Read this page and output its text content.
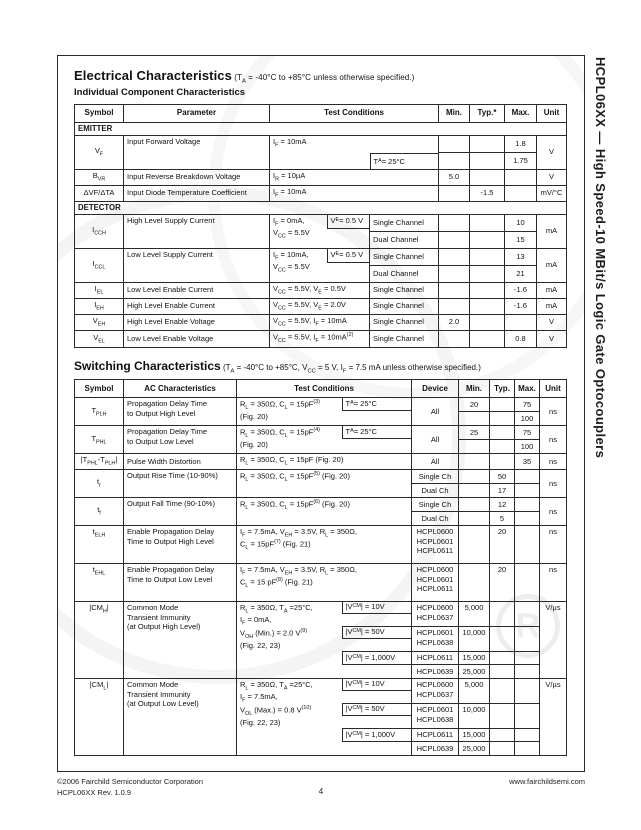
R
Electrical Characteristics ($T_A = -40^\circ C$ to +85°C unless otherwise specified.)
Individual Component Characteristics
Symbol	Parameter	Test Conditions			Min.	Typ.*	Max.	Unit
EMITTER								
$V_F$	Input Forward Voltage	$I_F = 10mA$		T A = 25°C			1.8	V
							1.75	
$B_{VR}$	Input Reverse Breakdown Voltage	$I_R = 10\mu A$			5.0			V
ΔVF/ΔTA	Input Diode Temperature Coefficient	$I_F = 10mA$				-1.5		mV/°C
DETECTOR								
$I_{CCH}$	High Level Supply Current	$I_F = 0mA$,
$V_{CC} = 5.5V$	V E = 0.5 V	Single Channel			10	mA
				Dual Channel			15	
$I_{CCL}$	Low Level Supply Current	$I_F = 10mA$,
$V_{CC} = 5.5V$	V E = 0.5 V	Single Channel			13	mA
				Dual Channel			21	
$I_{EL}$	Low Level Enable Current	$V_{CC} = 5.5V$, $V_E = 0.5V$		Single Channel			-1.6	mA
$I_{EH}$	High Level Enable Current	$V_{CC} = 5.5V$, $V_E = 2.0V$		Single Channel			-1.6	mA
$V_{EH}$	High Level Enable Voltage	$V_{CC} = 5.5V$, $I_F = 10mA$		Single Channel	2.0			V
$V_{EL}$	Low Level Enable Voltage	$V_{CC} = 5.5V$, $I_F = 10mA^{(2)}$		Single Channel			0.8	V
Switching Characteristics ($T_A = -40^\circ C$ to +85°C, $V_{CC} = 5$ V, $I_F = 7.5$ mA unless otherwise specified.)
Symbol	AC Characteristics	Test Conditions		Device	Min.	Typ.	Max.	Unit
$T_{PLH}$	Propagation Delay Time
to Output High Level	$R_L = 350\Omega$, $C_L = 15pF^{(3)}$
(Fig. 20)	T A = 25°C	All	20		75	ns
							100	
$T_{PHL}$	Propagation Delay Time
to Output Low Level	$R_L = 350\Omega$, $C_L = 15pF^{(4)}$
(Fig. 20)	T A = 25°C	All	25		75	ns
							100	
$|T_{PHL}-T_{PLH}|$	Pulse Width Distortion	$R_L = 350\Omega$, $C_L = 15pF$ (Fig. 20)		All			35	ns
$t_r$	Output Rise Time (10-90%)	$R_L = 350\Omega$, $C_L = 15pF^{(5)}$ (Fig. 20)		Single Ch		50		ns
				Dual Ch		17		
$t_f$	Output Fall Time (90-10%)	$R_L = 350\Omega$, $C_L = 15pF^{(6)}$ (Fig. 20)		Single Ch		12		ns
				Dual Ch		5		
$t_{ELH}$	Enable Propagation Delay
Time to Output High Level	$I_F = 7.5mA$, $V_{EH} = 3.5V$, $R_L = 350\Omega$,
$C_L = 15pF^{(7)}$ (Fig. 21)		HCPL0600
HCPL0601
HCPL0611		20		ns
$t_{EHL}$	Enable Propagation Delay
Time to Output Low Level	$I_F = 7.5mA$, $V_{EH} = 3.5V$, $R_L = 350\Omega$,
$C_L = 15$ $pF^{(8)}$ (Fig. 21)		HCPL0600
HCPL0601
HCPL0611		20		ns
$|CM_H|$	Common Mode
Transient Immunity
(at Output High Level)	$R_L = 350\Omega$, $T_A =25^\circ C$,
$I_F = 0mA$,
$V_{OH}$ (Min.) = 2.0 $V^{(9)}$
(Fig. 22, 23)	|V CM | = 10V	HCPL0600
HCPL0637	5,000			V/µs

|V CM | = 50V	HCPL0601
HCPL0638	10,000			

|V CM | = 1,000V	HCPL0611	15,000			
				HCPL0639	25,000			
$|CM_L|$	Common Mode
Transient Immunity
(at Output Low Level)	$R_L = 350\Omega$, $T_A =25^\circ C$,
$I_F = 7.5mA$,
$V_{OL}$ (Max.) = 0.8 $V^{(10)}$
(Fig. 22, 23)	|V CM | = 10V	HCPL0600
HCPL0637	5,000			V/µs

|V CM | = 50V	HCPL0601
HCPL0638	10,000			

|V CM | = 1,000V	HCPL0611	15,000			
				HCPL0639	25,000			
HCPL06XX — High Speed-10 MBit/s Logic Gate Optocouplers
©2006 Fairchild Semiconductor Corporation
HCPL06XX Rev. 1.0.9	4
www.fairchildsemi.com
